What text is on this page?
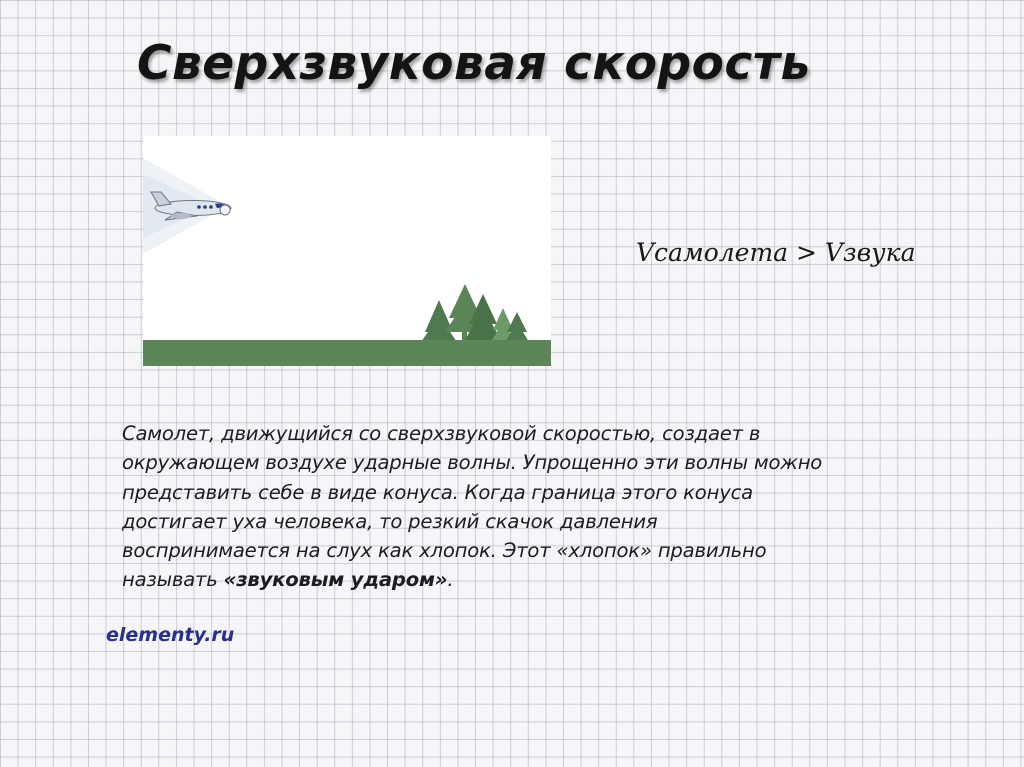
Сверхзвуковая скорость
Vсамолета > Vзвука
Самолет, движущийся со сверхзвуковой скоростью, создает в
окружающем воздухе ударные волны. Упрощенно эти волны можно
представить себе в виде конуса. Когда граница этого конуса
достигает уха человека, то резкий скачок давления
воспринимается на слух как хлопок. Этот «хлопок» правильно
называть «звуковым ударом».
elementy.ru
